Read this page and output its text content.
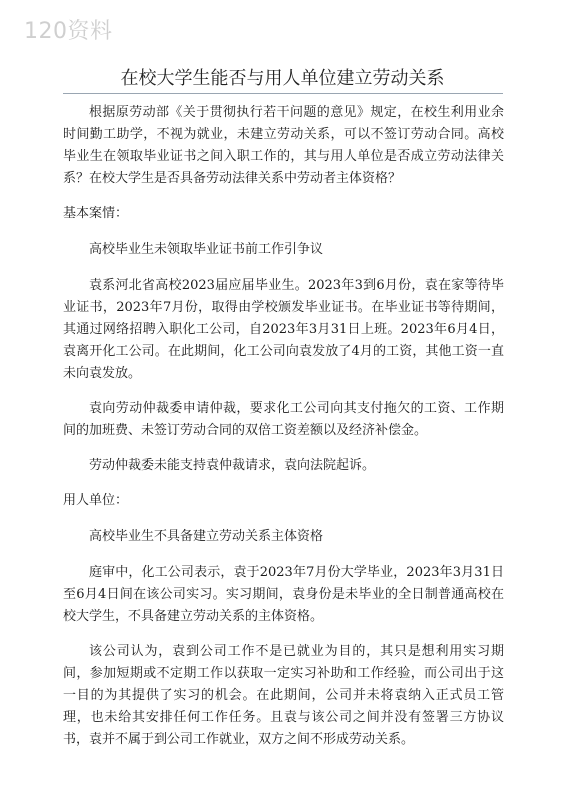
120资料
在校大学生能否与用人单位建立劳动关系

根据原劳动部《关于贯彻执行若干问题的意见》规定，在校生利用业余时间勤工助学，不视为就业，未建立劳动关系，可以不签订劳动合同。高校毕业生在领取毕业证书之间入职工作的，其与用人单位是否成立劳动法律关系？在校大学生是否具备劳动法律关系中劳动者主体资格？

基本案情：

高校毕业生未领取毕业证书前工作引争议

袁系河北省高校2023届应届毕业生。2023年3到6月份，袁在家等待毕业证书，2023年7月份，取得由学校颁发毕业证书。在毕业证书等待期间，其通过网络招聘入职化工公司，自2023年3月31日上班。2023年6月4日，袁离开化工公司。在此期间，化工公司向袁发放了4月的工资，其他工资一直未向袁发放。

袁向劳动仲裁委申请仲裁，要求化工公司向其支付拖欠的工资、工作期间的加班费、未签订劳动合同的双倍工资差额以及经济补偿金。

劳动仲裁委未能支持袁仲裁请求，袁向法院起诉。

用人单位：

高校毕业生不具备建立劳动关系主体资格

庭审中，化工公司表示，袁于2023年7月份大学毕业，2023年3月31日至6月4日间在该公司实习。实习期间，袁身份是未毕业的全日制普通高校在校大学生，不具备建立劳动关系的主体资格。

该公司认为，袁到公司工作不是已就业为目的，其只是想利用实习期间，参加短期或不定期工作以获取一定实习补助和工作经验，而公司出于这一目的为其提供了实习的机会。在此期间，公司并未将袁纳入正式员工管理，也未给其安排任何工作任务。且袁与该公司之间并没有签署三方协议书，袁并不属于到公司工作就业，双方之间不形成劳动关系。
